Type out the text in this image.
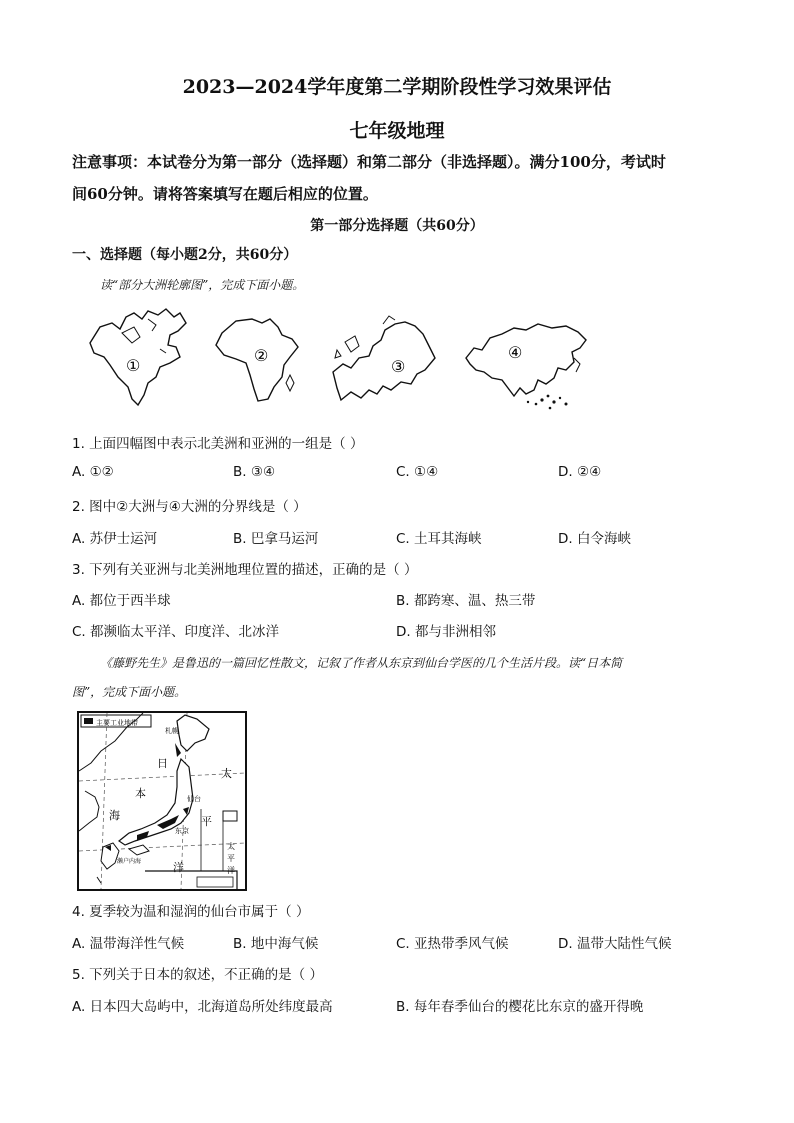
2023—2024学年度第二学期阶段性学习效果评估
七年级地理
注意事项：本试卷分为第一部分（选择题）和第二部分（非选择题）。满分100分，考试时
间60分钟。请将答案填写在题后相应的位置。
第一部分选择题（共60分）
一、选择题（每小题2分，共60分）
读“部分大洲轮廓图”，完成下面小题。
①
②
③
④
1. 上面四幅图中表示北美洲和亚洲的一组是（ ）
A. ①②	B. ③④	C. ①④	D. ②④
2. 图中②大洲与④大洲的分界线是（ ）
A. 苏伊士运河	B. 巴拿马运河	C. 土耳其海峡	D. 白令海峡
3. 下列有关亚洲与北美洲地理位置的描述，正确的是（ ）
A. 都位于西半球	B. 都跨寒、温、热三带
C. 都濒临太平洋、印度洋、北冰洋	D. 都与非洲相邻
《藤野先生》是鲁迅的一篇回忆性散文，记叙了作者从东京到仙台学医的几个生活片段。读“日本简
图”，完成下面小题。
主要工业地带
札幌
日
本
海
太
平
洋
仙台
东京
濑户内海
太
平
洋
4. 夏季较为温和湿润的仙台市属于（ ）
A. 温带海洋性气候	B. 地中海气候	C. 亚热带季风气候	D. 温带大陆性气候
5. 下列关于日本的叙述，不正确的是（ ）
A. 日本四大岛屿中，北海道岛所处纬度最高	B. 每年春季仙台的樱花比东京的盛开得晚
